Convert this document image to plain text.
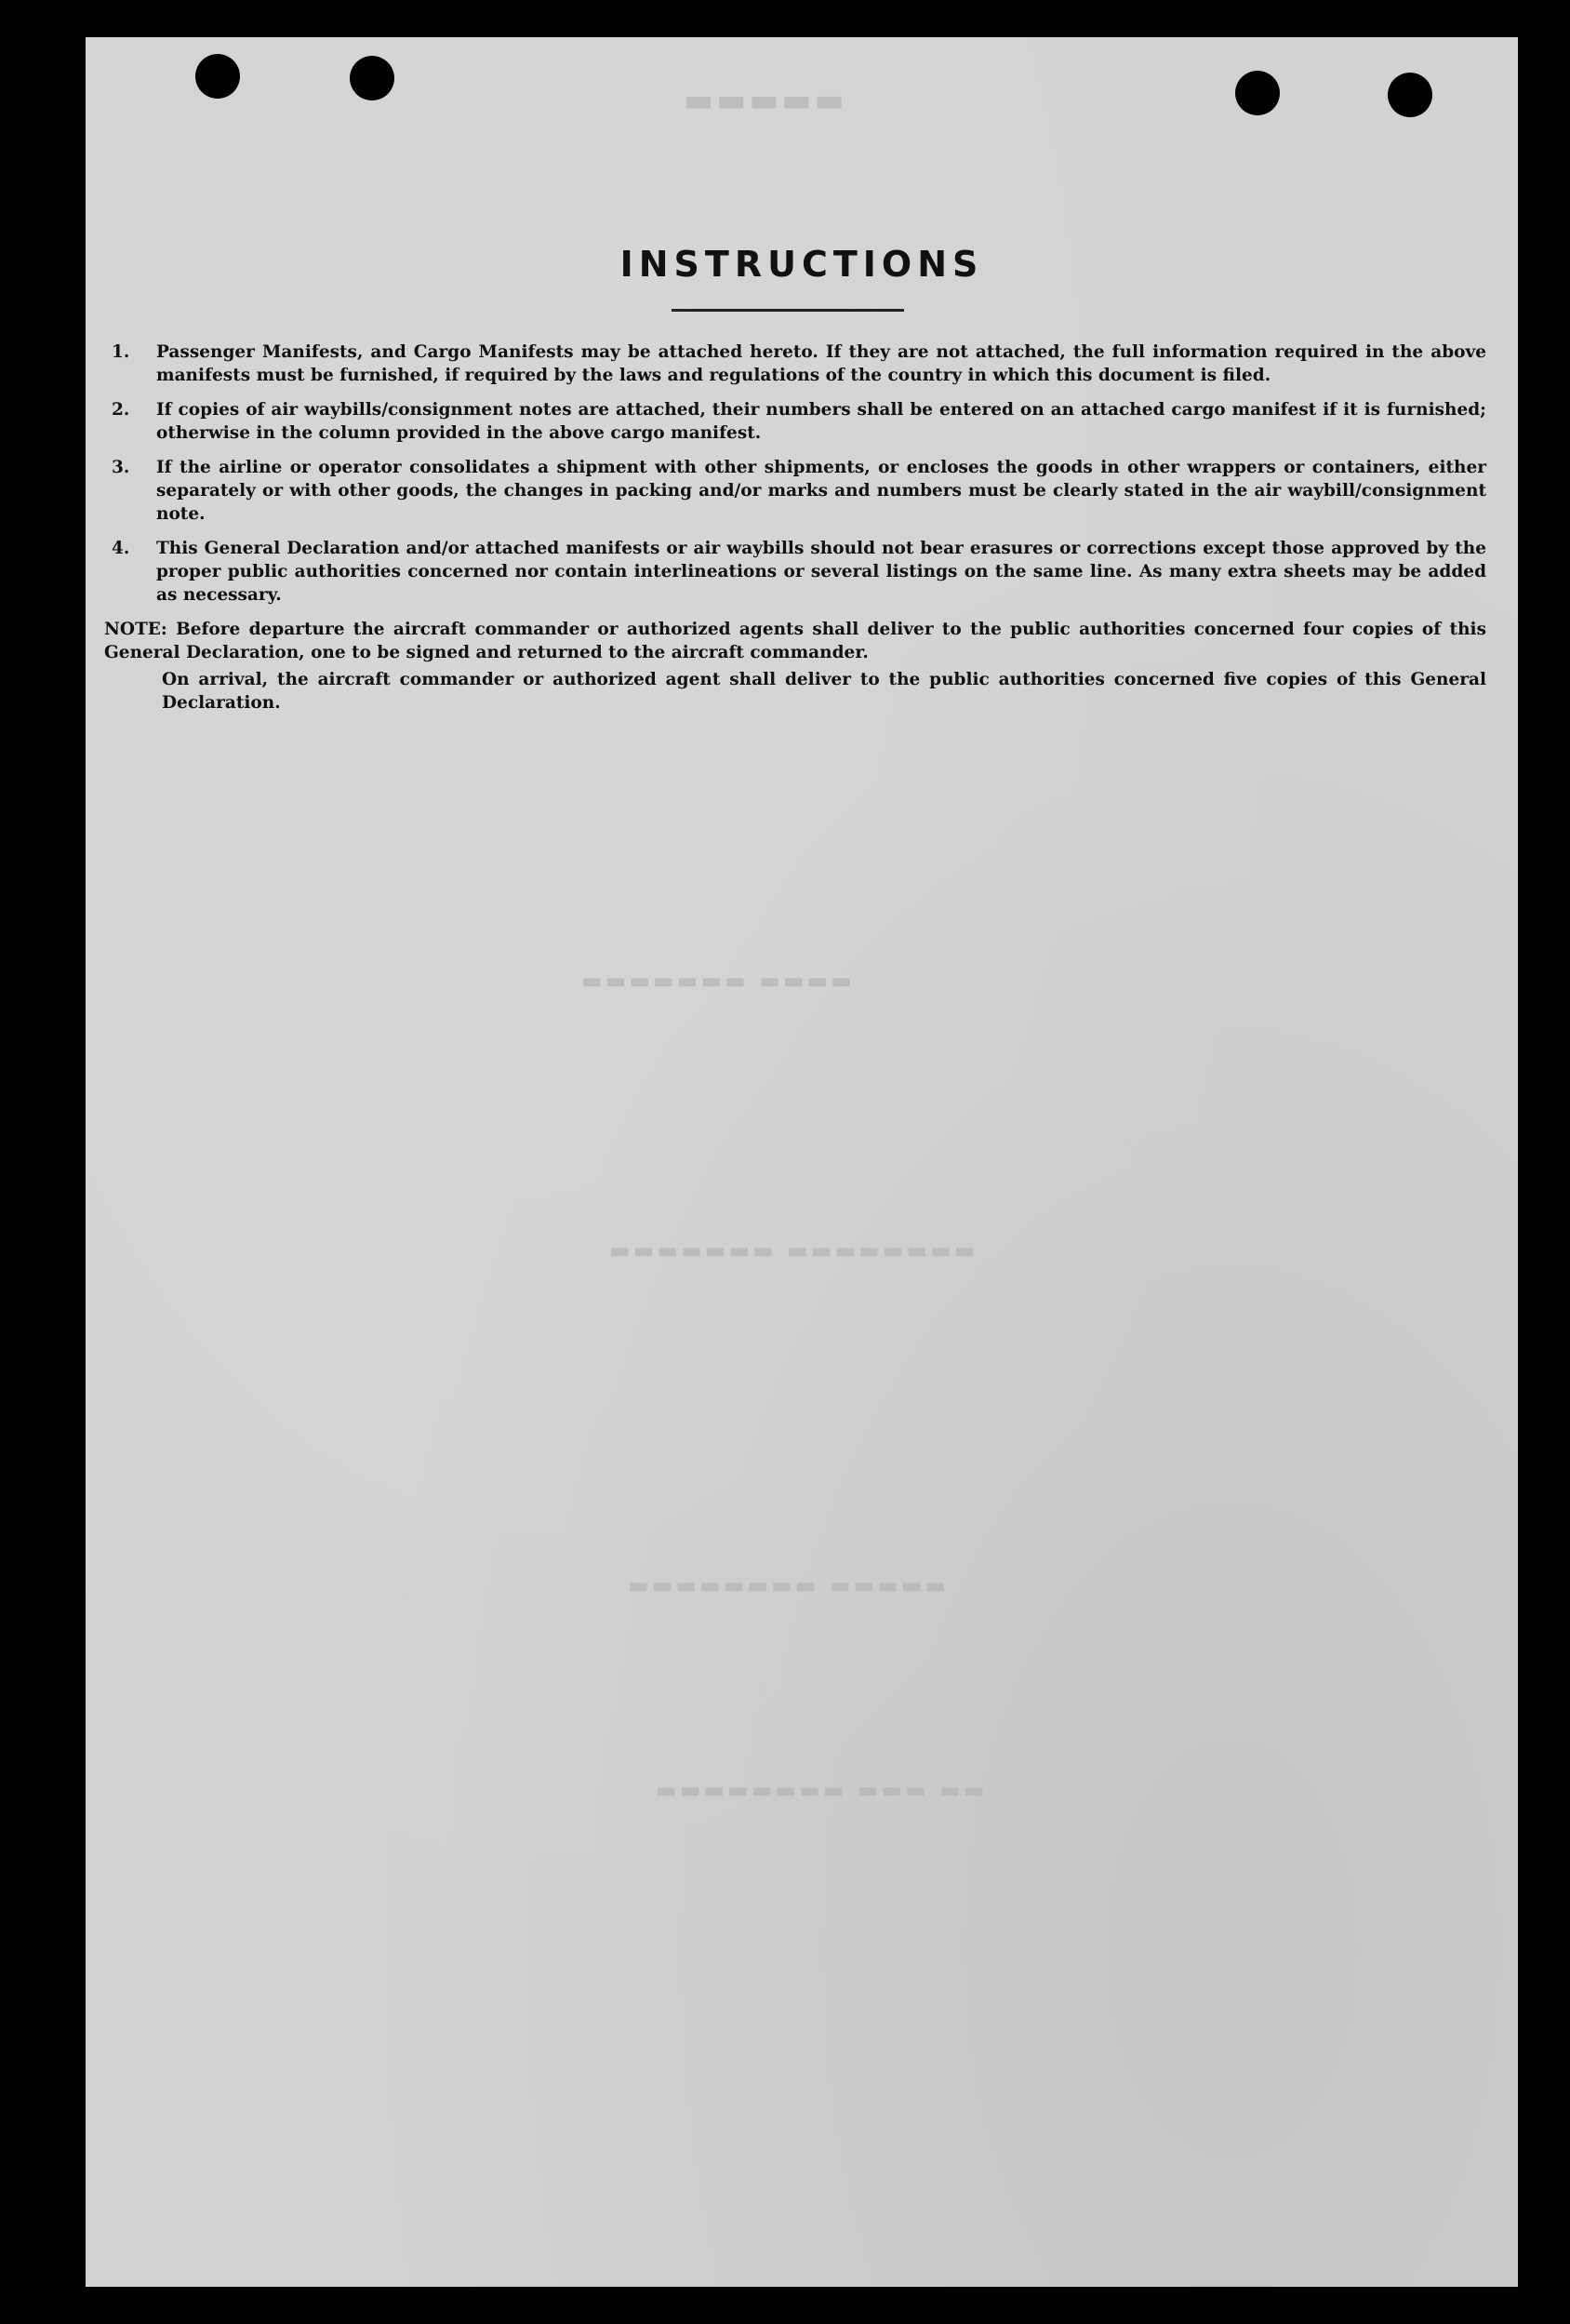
▬▬▬▬▬
▬▬▬▬ ▬▬▬▬▬▬▬
▬▬▬▬▬▬▬▬ ▬▬▬▬▬▬▬
▬▬▬▬▬ ▬▬▬▬▬▬▬▬
▬▬ ▬▬▬ ▬▬▬▬▬▬▬▬
INSTRUCTIONS
1.	Passenger Manifests, and Cargo Manifests may be attached hereto. If they are not attached, the full information required in the above manifests must be furnished, if required by the laws and regulations of the country in which this document is filed.
2.	If copies of air waybills/consignment notes are attached, their numbers shall be entered on an attached cargo manifest if it is furnished; otherwise in the column provided in the above cargo manifest.
3.	If the airline or operator consolidates a shipment with other shipments, or encloses the goods in other wrappers or containers, either separately or with other goods, the changes in packing and/or marks and numbers must be clearly stated in the air waybill/consignment note.
4.	This General Declaration and/or attached manifests or air waybills should not bear erasures or corrections except those approved by the proper public authorities concerned nor contain interlineations or several listings on the same line. As many extra sheets may be added as necessary.
NOTE: Before departure the aircraft commander or authorized agents shall deliver to the public authorities concerned four copies of this General Declaration, one to be signed and returned to the aircraft commander.
On arrival, the aircraft commander or authorized agent shall deliver to the public authorities concerned five copies of this General Declaration.
